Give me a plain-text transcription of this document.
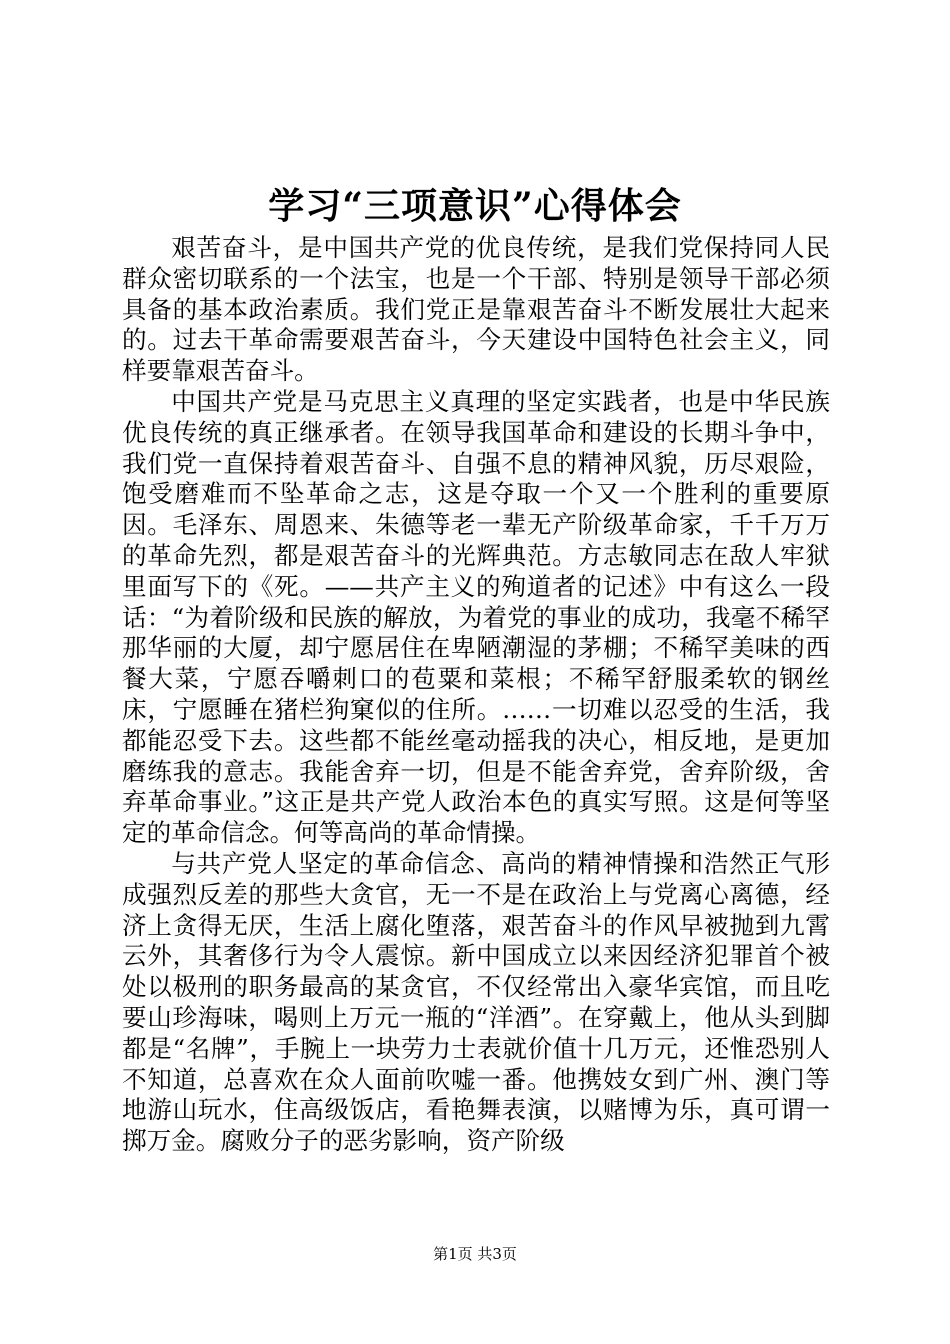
学习“三项意识”心得体会

艰苦奋斗，是中国共产党的优良传统，是我们党保持同人民群众密切联系的一个法宝，也是一个干部、特别是领导干部必须具备的基本政治素质。我们党正是靠艰苦奋斗不断发展壮大起来的。过去干革命需要艰苦奋斗，今天建设中国特色社会主义，同样要靠艰苦奋斗。

中国共产党是马克思主义真理的坚定实践者，也是中华民族优良传统的真正继承者。在领导我国革命和建设的长期斗争中，我们党一直保持着艰苦奋斗、自强不息的精神风貌，历尽艰险，饱受磨难而不坠革命之志，这是夺取一个又一个胜利的重要原因。毛泽东、周恩来、朱德等老一辈无产阶级革命家，千千万万的革命先烈，都是艰苦奋斗的光辉典范。方志敏同志在敌人牢狱里面写下的《死。——共产主义的殉道者的记述》中有这么一段话：“为着阶级和民族的解放，为着党的事业的成功，我毫不稀罕那华丽的大厦，却宁愿居住在卑陋潮湿的茅棚；不稀罕美味的西餐大菜，宁愿吞嚼刺口的苞粟和菜根；不稀罕舒服柔软的钢丝床，宁愿睡在猪栏狗窠似的住所。……一切难以忍受的生活，我都能忍受下去。这些都不能丝毫动摇我的决心，相反地，是更加磨练我的意志。我能舍弃一切，但是不能舍弃党，舍弃阶级，舍弃革命事业。”这正是共产党人政治本色的真实写照。这是何等坚定的革命信念。何等高尚的革命情操。

与共产党人坚定的革命信念、高尚的精神情操和浩然正气形成强烈反差的那些大贪官，无一不是在政治上与党离心离德，经济上贪得无厌，生活上腐化堕落，艰苦奋斗的作风早被抛到九霄云外，其奢侈行为令人震惊。新中国成立以来因经济犯罪首个被处以极刑的职务最高的某贪官，不仅经常出入豪华宾馆，而且吃要山珍海味，喝则上万元一瓶的“洋酒”。在穿戴上，他从头到脚都是“名牌”，手腕上一块劳力士表就价值十几万元，还惟恐别人不知道，总喜欢在众人面前吹嘘一番。他携妓女到广州、澳门等地游山玩水，住高级饭店，看艳舞表演，以赌博为乐，真可谓一掷万金。腐败分子的恶劣影响，资产阶级

第1页 共3页
